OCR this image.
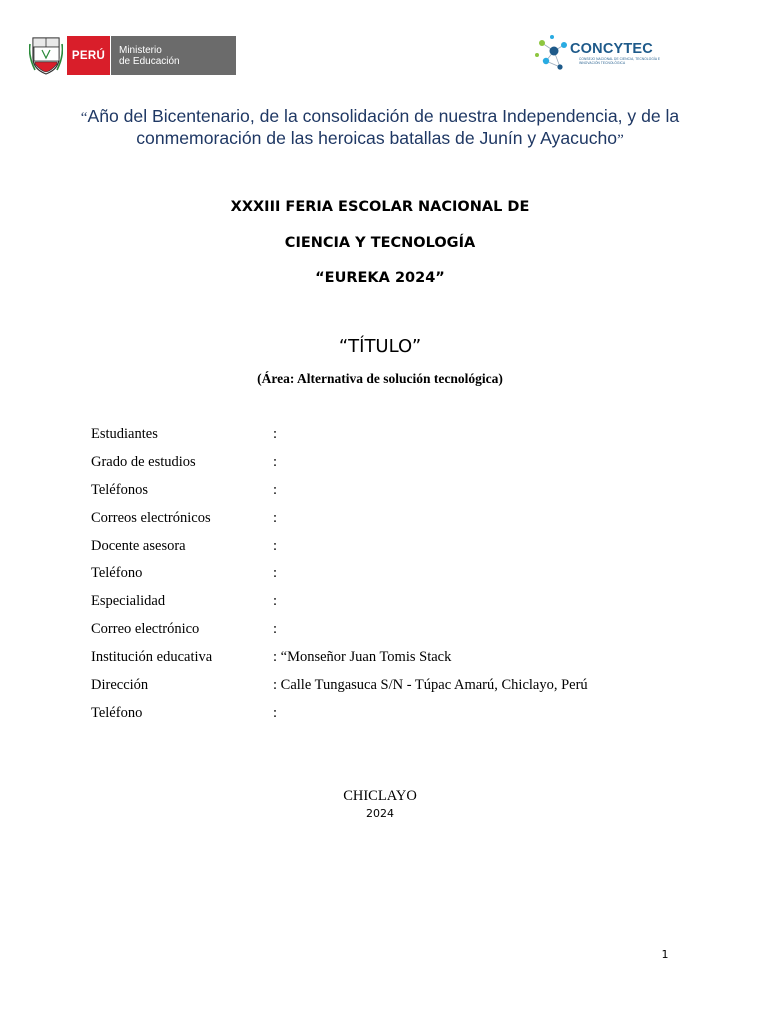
PERÚ	Ministerio
de Educación
CONCYTEC
CONSEJO NACIONAL DE CIENCIA, TECNOLOGÍA E INNOVACIÓN TECNOLÓGICA
“Año del Bicentenario, de la consolidación de nuestra Independencia, y de la conmemoración de las heroicas batallas de Junín y Ayacucho”
XXXIII FERIA ESCOLAR NACIONAL DE
CIENCIA Y TECNOLOGÍA
“EUREKA 2024”
“TÍTULO”
(Área: Alternativa de solución tecnológica)
Estudiantes	:
Grado de estudios	:
Teléfonos	:
Correos electrónicos	:
Docente asesora	:
Teléfono	:
Especialidad	:
Correo electrónico	:
Institución educativa	: “Monseñor Juan Tomis Stack
Dirección	: Calle Tungasuca S/N - Túpac Amarú, Chiclayo, Perú
Teléfono	:
CHICLAYO
2024
1
